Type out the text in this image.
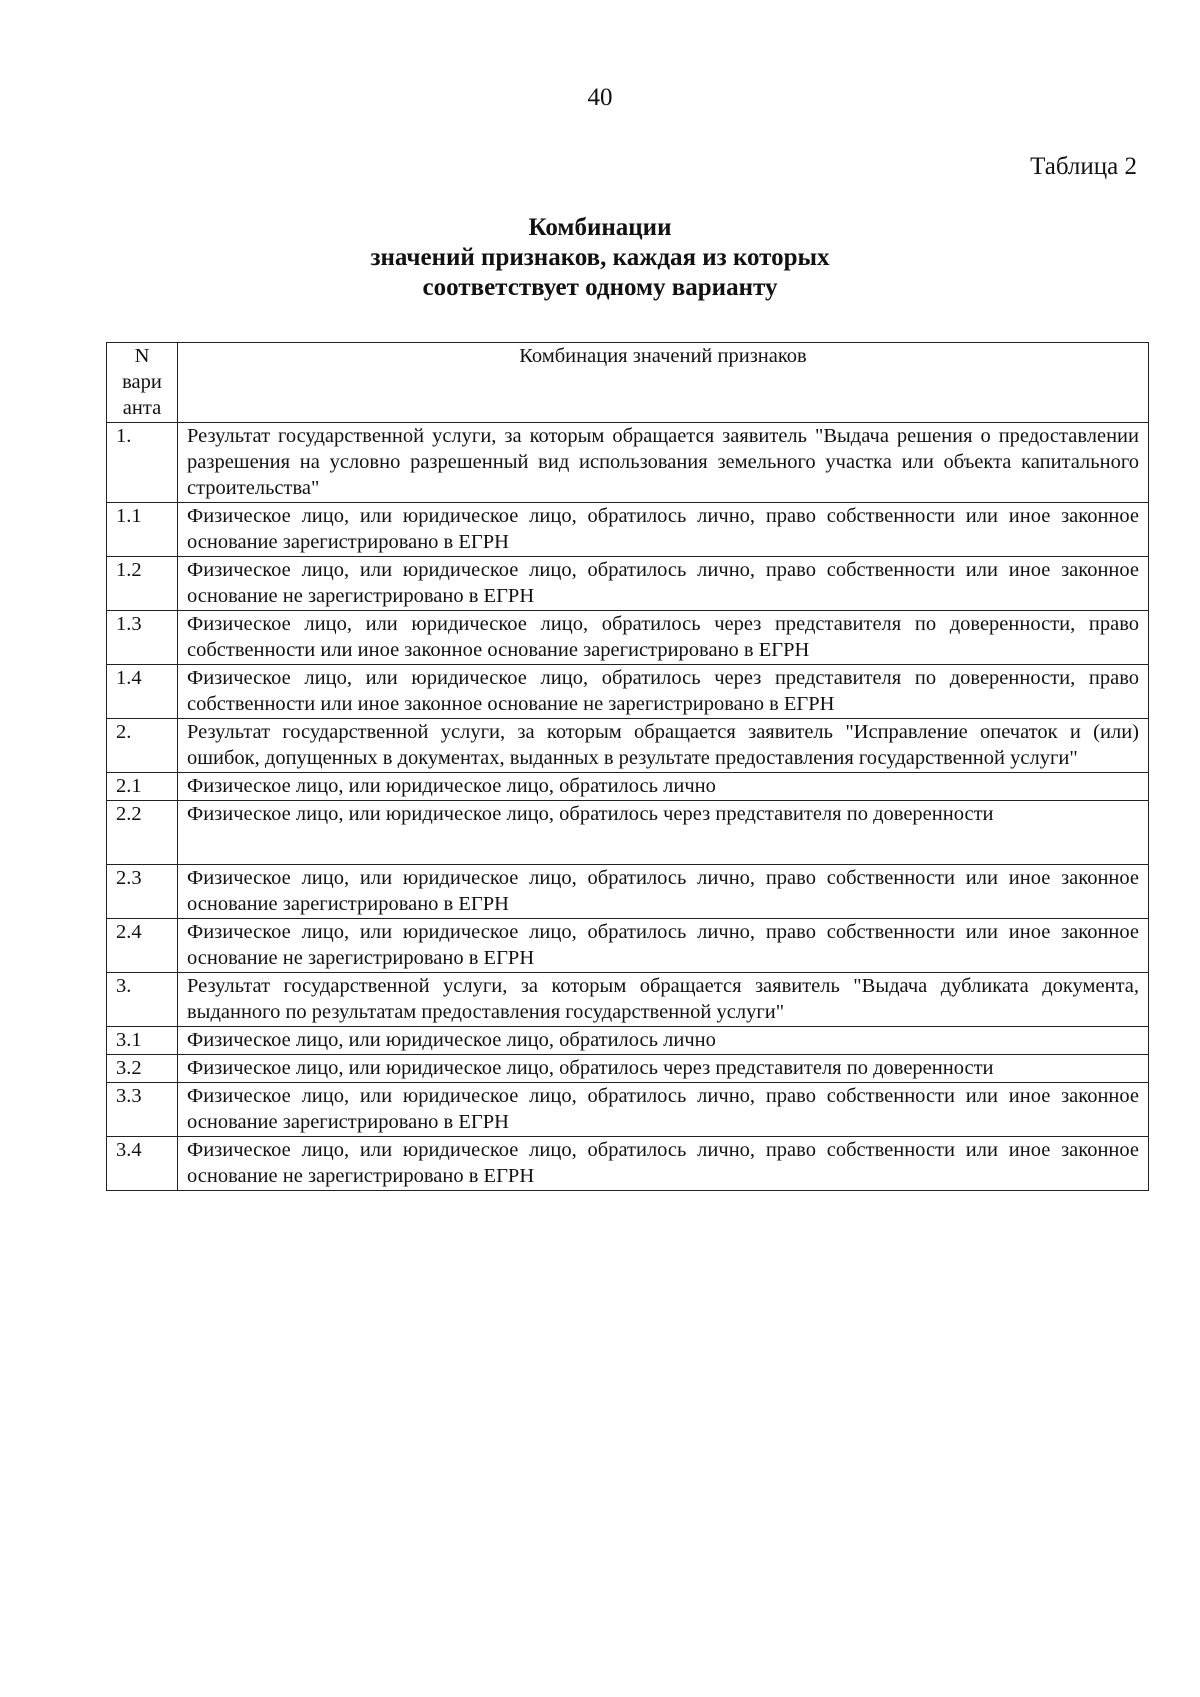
40
Таблица 2
Комбинации
значений признаков, каждая из которых
соответствует одному варианту
N
вари
анта	Комбинация значений признаков
1.	Результат государственной услуги, за которым обращается заявитель "Выдача решения о предоставлении разрешения на условно разрешенный вид использования земельного участка или объекта капитального строительства"
1.1	Физическое лицо, или юридическое лицо, обратилось лично, право собственности или иное законное основание зарегистрировано в ЕГРН
1.2	Физическое лицо, или юридическое лицо, обратилось лично, право собственности или иное законное основание не зарегистрировано в ЕГРН
1.3	Физическое лицо, или юридическое лицо, обратилось через представителя по доверенности, право собственности или иное законное основание зарегистрировано в ЕГРН
1.4	Физическое лицо, или юридическое лицо, обратилось через представителя по доверенности, право собственности или иное законное основание не зарегистрировано в ЕГРН
2.	Результат государственной услуги, за которым обращается заявитель "Исправление опечаток и (или) ошибок, допущенных в документах, выданных в результате предоставления государственной услуги"
2.1	Физическое лицо, или юридическое лицо, обратилось лично
2.2	Физическое лицо, или юридическое лицо, обратилось через представителя по доверенности
2.3	Физическое лицо, или юридическое лицо, обратилось лично, право собственности или иное законное основание зарегистрировано в ЕГРН
2.4	Физическое лицо, или юридическое лицо, обратилось лично, право собственности или иное законное основание не зарегистрировано в ЕГРН
3.	Результат государственной услуги, за которым обращается заявитель "Выдача дубликата документа, выданного по результатам предоставления государственной услуги"
3.1	Физическое лицо, или юридическое лицо, обратилось лично
3.2	Физическое лицо, или юридическое лицо, обратилось через представителя по доверенности
3.3	Физическое лицо, или юридическое лицо, обратилось лично, право собственности или иное законное основание зарегистрировано в ЕГРН
3.4	Физическое лицо, или юридическое лицо, обратилось лично, право собственности или иное законное основание не зарегистрировано в ЕГРН
